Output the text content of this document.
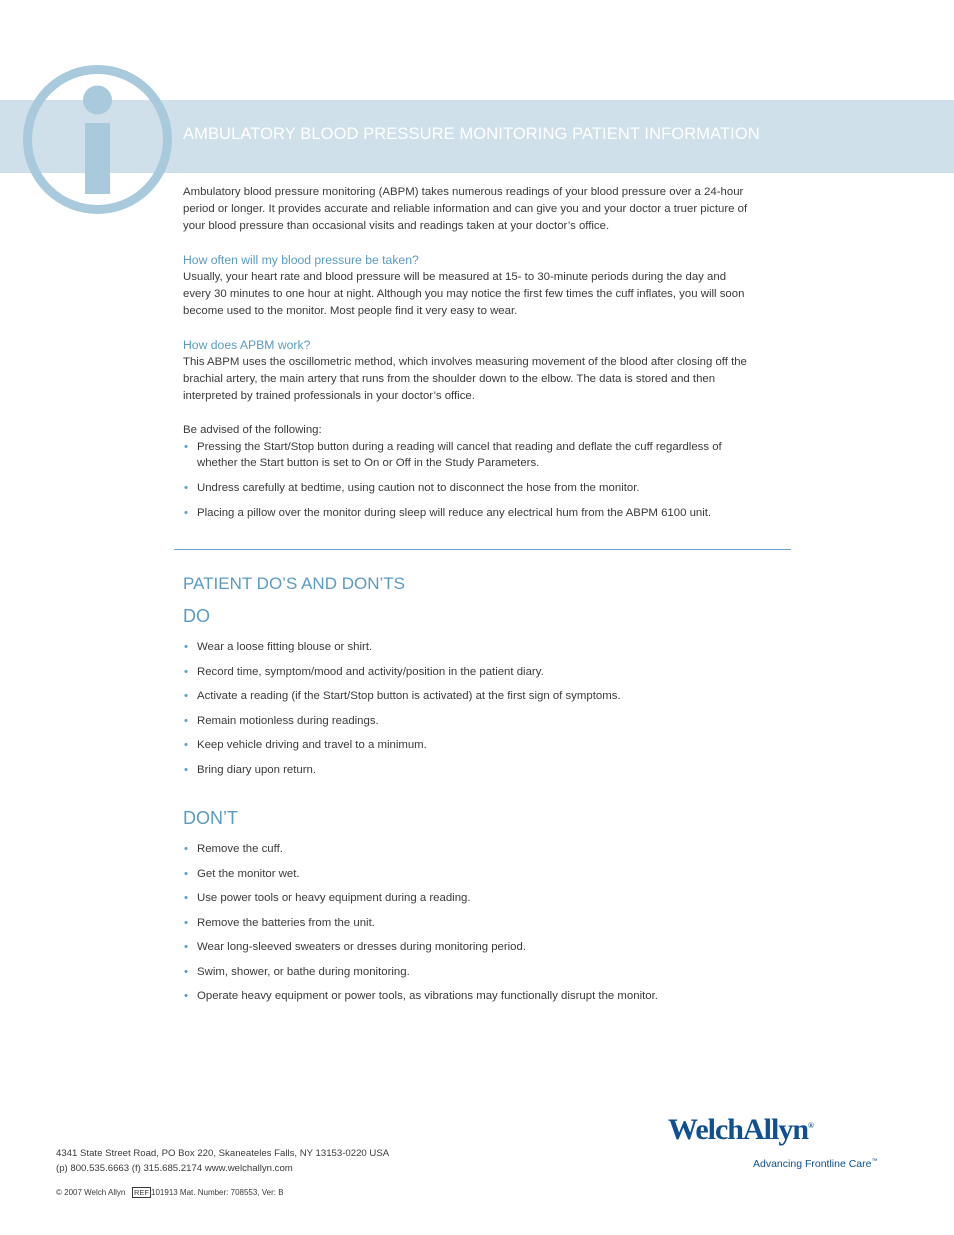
AMBULATORY BLOOD PRESSURE MONITORING PATIENT INFORMATION

Ambulatory blood pressure monitoring (ABPM) takes numerous readings of your blood pressure over a 24-hour period or longer. It provides accurate and reliable information and can give you and your doctor a truer picture of your blood pressure than occasional visits and readings taken at your doctor’s office.

How often will my blood pressure be taken?

Usually, your heart rate and blood pressure will be measured at 15- to 30-minute periods during the day and every 30 minutes to one hour at night. Although you may notice the first few times the cuff inflates, you will soon become used to the monitor. Most people find it very easy to wear.

How does APBM work?

This ABPM uses the oscillometric method, which involves measuring movement of the blood after closing off the brachial artery, the main artery that runs from the shoulder down to the elbow. The data is stored and then interpreted by trained professionals in your doctor’s office.

Be advised of the following:

• Pressing the Start/Stop button during a reading will cancel that reading and deflate the cuff regardless of whether the Start button is set to On or Off in the Study Parameters.
• Undress carefully at bedtime, using caution not to disconnect the hose from the monitor.
• Placing a pillow over the monitor during sleep will reduce any electrical hum from the ABPM 6100 unit.
PATIENT DO’S AND DON’TS
DO
• Wear a loose fitting blouse or shirt.
• Record time, symptom/mood and activity/position in the patient diary.
• Activate a reading (if the Start/Stop button is activated) at the first sign of symptoms.
• Remain motionless during readings.
• Keep vehicle driving and travel to a minimum.
• Bring diary upon return.
DON’T
• Remove the cuff.
• Get the monitor wet.
• Use power tools or heavy equipment during a reading.
• Remove the batteries from the unit.
• Wear long-sleeved sweaters or dresses during monitoring period.
• Swim, shower, or bathe during monitoring.
• Operate heavy equipment or power tools, as vibrations may functionally disrupt the monitor.
4341 State Street Road, PO Box 220, Skaneateles Falls, NY 13153-0220 USA
(p) 800.535.6663 (f) 315.685.2174 www.welchallyn.com
© 2007 Welch Allyn REF 101913 Mat. Number: 708553, Ver: B
WelchAllyn®
Advancing Frontline Care™
